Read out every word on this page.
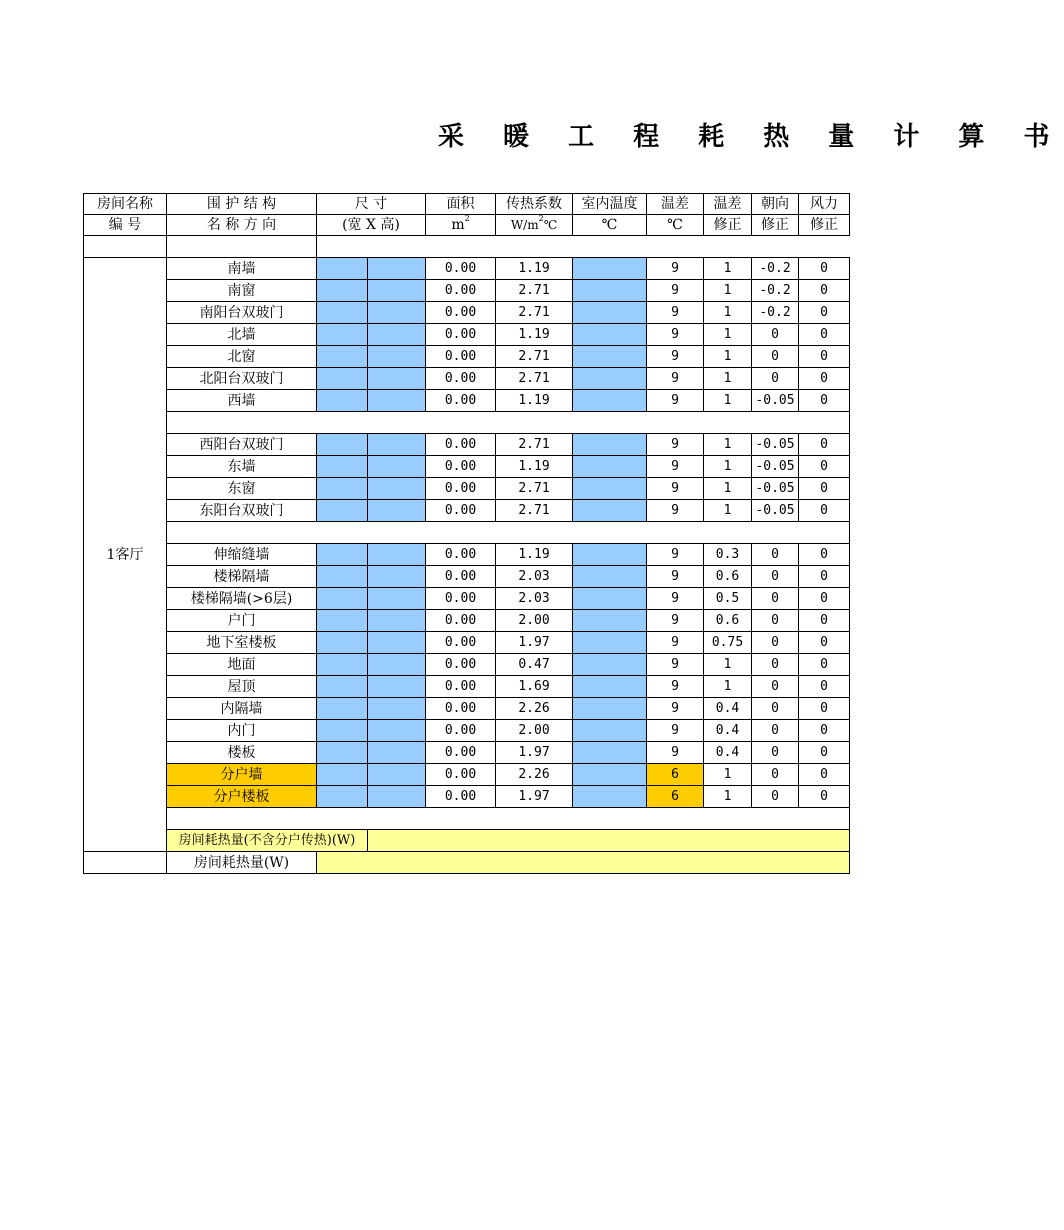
采 暖 工 程 耗 热 量 计 算 书
房间名称	围 护 结 构	尺 寸		面积	传热系数	室内温度	温差	温差	朝向	风力
编 号	名 称 方 向	(宽 X 高)		$m^2$	$W/m^2℃$	℃	℃	修正	修正	修正

1客厅	南墙			0.00	1.19		9	1	-0.2	0
	南窗			0.00	2.71		9	1	-0.2	0
	南阳台双玻门			0.00	2.71		9	1	-0.2	0
	北墙			0.00	1.19		9	1	0	0
	北窗			0.00	2.71		9	1	0	0
	北阳台双玻门			0.00	2.71		9	1	0	0
	西墙			0.00	1.19		9	1	-0.05	0

	西阳台双玻门			0.00	2.71		9	1	-0.05	0
	东墙			0.00	1.19		9	1	-0.05	0
	东窗			0.00	2.71		9	1	-0.05	0
	东阳台双玻门			0.00	2.71		9	1	-0.05	0

	伸缩缝墙			0.00	1.19		9	0.3	0	0
	楼梯隔墙			0.00	2.03		9	0.6	0	0
	楼梯隔墙(>6层)			0.00	2.03		9	0.5	0	0
	户门			0.00	2.00		9	0.6	0	0
	地下室楼板			0.00	1.97		9	0.75	0	0
	地面			0.00	0.47		9	1	0	0
	屋顶			0.00	1.69		9	1	0	0
	内隔墙			0.00	2.26		9	0.4	0	0
	内门			0.00	2.00		9	0.4	0	0
	楼板			0.00	1.97		9	0.4	0	0
	分户墙			0.00	2.26		6	1	0	0
	分户楼板			0.00	1.97		6	1	0	0

	房间耗热量(不含分户传热)(W)									
	房间耗热量(W)									
